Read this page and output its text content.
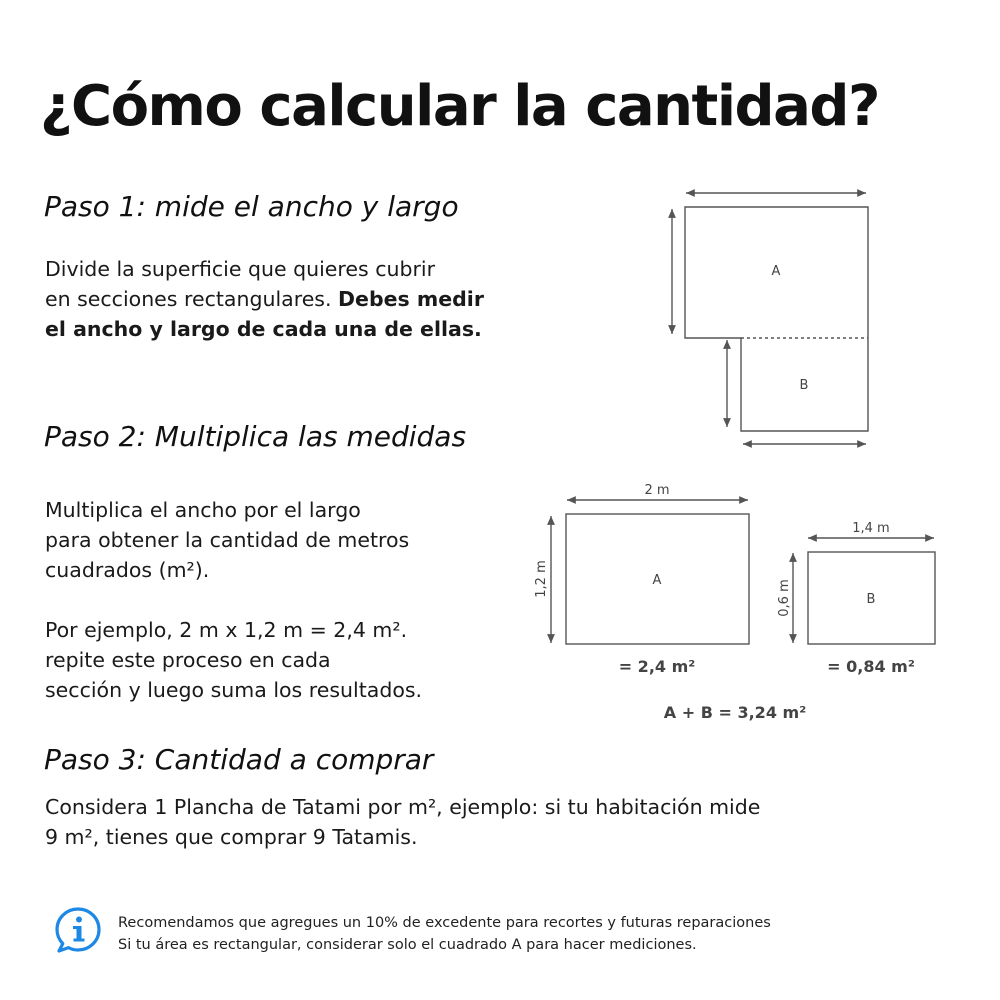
¿Cómo calcular la cantidad?
Paso 1: mide el ancho y largo

Divide la superficie que quieres cubrir
en secciones rectangulares. Debes medir
el ancho y largo de cada una de ellas.

Paso 2: Multiplica las medidas

Multiplica el ancho por el largo
para obtener la cantidad de metros
cuadrados (m²).
Por ejemplo, 2 m x 1,2 m = 2,4 m².
repite este proceso en cada
sección y luego suma los resultados.

Paso 3: Cantidad a comprar

Considera 1 Plancha de Tatami por m², ejemplo: si tu habitación mide
9 m², tienes que comprar 9 Tatamis.

A
B
2 m
1,2 m	A
= 2,4 m²
1,4 m
0,6 m	B
= 0,84 m²
A + B = 3,24 m²

Recomendamos que agregues un 10% de excedente para recortes y futuras reparaciones
Si tu área es rectangular, considerar solo el cuadrado A para hacer mediciones.
